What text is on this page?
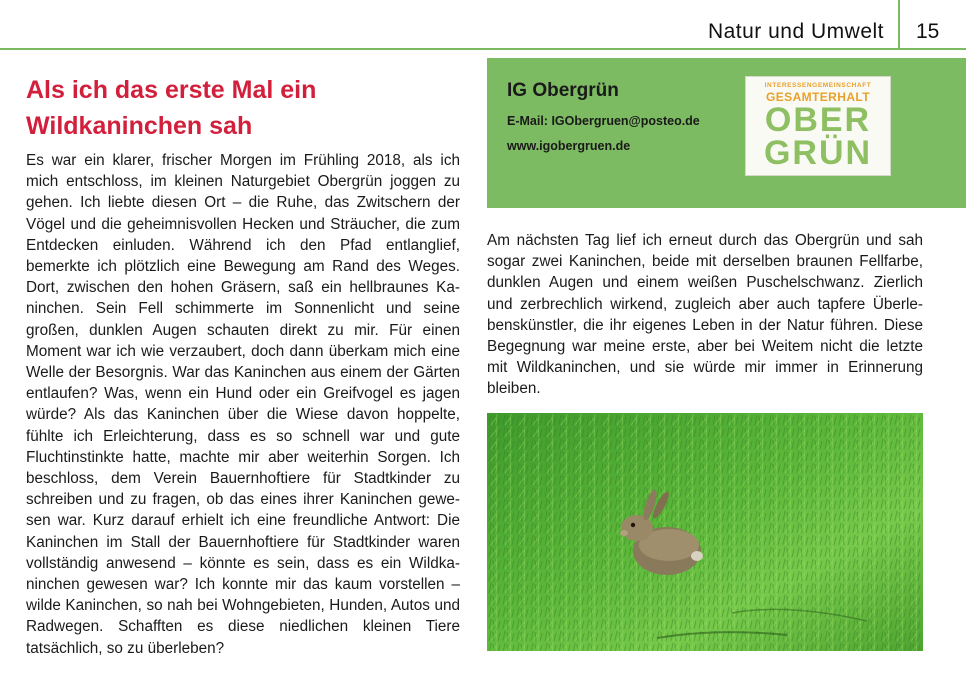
Natur und Umwelt 15
Als ich das erste Mal ein
Wildkaninchen sah

Es war ein klarer, frischer Morgen im Frühling 2018, als ich mich entschloss, im kleinen Naturgebiet Obergrün joggen zu gehen. Ich liebte diesen Ort – die Ruhe, das Zwitschern der Vögel und die geheimnisvollen Hecken und Sträucher, die zum Entdecken einluden. Während ich den Pfad entlanglief, bemerkte ich plötzlich eine Bewegung am Rand des Weges. Dort, zwischen den hohen Gräsern, saß ein hellbraunes Kaninchen. Sein Fell schimmerte im Sonnenlicht und seine großen, dunklen Augen schauten direkt zu mir. Für einen Moment war ich wie verzaubert, doch dann überkam mich eine Welle der Besorgnis. War das Kaninchen aus einem der Gärten entlaufen? Was, wenn ein Hund oder ein Greifvogel es jagen würde? Als das Kaninchen über die Wiese davon hoppelte, fühlte ich Erleichterung, dass es so schnell war und gute Fluchtinstinkte hatte, machte mir aber weiterhin Sorgen. Ich beschloss, dem Verein Bauernhoftiere für Stadtkinder zu schreiben und zu fragen, ob das eines ihrer Kaninchen gewesen war. Kurz darauf erhielt ich eine freundliche Antwort: Die Kaninchen im Stall der Bauernhoftiere für Stadtkinder waren vollständig anwesend – könnte es sein, dass es ein Wildkaninchen gewesen war? Ich konnte mir das kaum vorstellen – wilde Kaninchen, so nah bei Wohngebieten, Hunden, Autos und Radwegen. Schafften es diese niedlichen kleinen Tiere tatsächlich, so zu überleben?

IG Obergrün
E-Mail: IGObergruen@posteo.de
www.igobergruen.de
INTERESSENGEMEINSCHAFT
GESAMTERHALT
OBER
GRÜN

Am nächsten Tag lief ich erneut durch das Obergrün und sah sogar zwei Kaninchen, beide mit derselben braunen Fellfarbe, dunklen Augen und einem weißen Puschelschwanz. Zierlich und zerbrechlich wirkend, zugleich aber auch tapfere Überlebenskünstler, die ihr eigenes Leben in der Natur führen. Diese Begegnung war meine erste, aber bei Weitem nicht die letzte mit Wildkaninchen, und sie würde mir immer in Erinnerung bleiben.
